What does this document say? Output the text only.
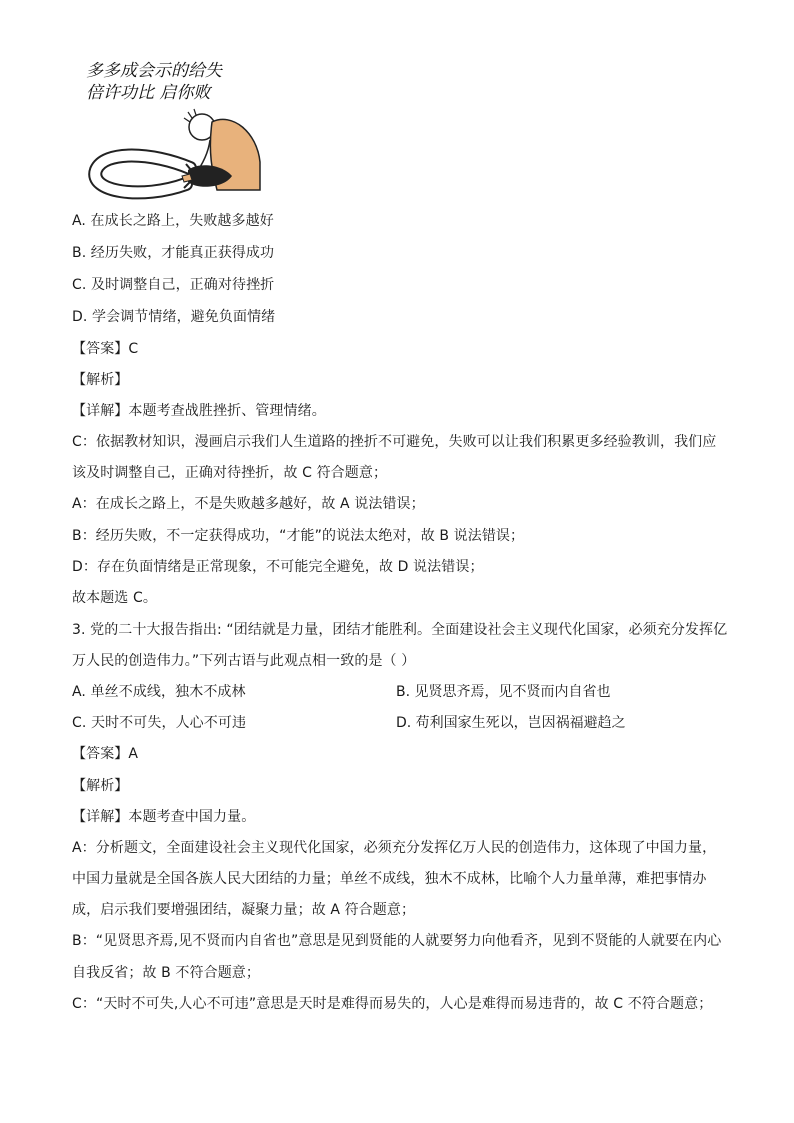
多多成会示的给失
倍许功比 启你败
A. 在成长之路上，失败越多越好
B. 经历失败，才能真正获得成功
C. 及时调整自己，正确对待挫折
D. 学会调节情绪，避免负面情绪
【答案】C
【解析】
【详解】本题考查战胜挫折、管理情绪。
C：依据教材知识，漫画启示我们人生道路的挫折不可避免，失败可以让我们积累更多经验教训，我们应
该及时调整自己，正确对待挫折，故 C 符合题意；
A：在成长之路上，不是失败越多越好，故 A 说法错误；
B：经历失败，不一定获得成功，“才能”的说法太绝对，故 B 说法错误；
D：存在负面情绪是正常现象，不可能完全避免，故 D 说法错误；
故本题选 C。
3. 党的二十大报告指出: “团结就是力量，团结才能胜利。全面建设社会主义现代化国家，必须充分发挥亿
万人民的创造伟力。”下列古语与此观点相一致的是（ ）
A. 单丝不成线，独木不成林	B. 见贤思齐焉，见不贤而内自省也
C. 天时不可失，人心不可违	D. 苟利国家生死以，岂因祸福避趋之
【答案】A
【解析】
【详解】本题考查中国力量。
A：分析题文，全面建设社会主义现代化国家，必须充分发挥亿万人民的创造伟力，这体现了中国力量，
中国力量就是全国各族人民大团结的力量；单丝不成线，独木不成林，比喻个人力量单薄，难把事情办
成，启示我们要增强团结，凝聚力量；故 A 符合题意；
B：“见贤思齐焉,见不贤而内自省也”意思是见到贤能的人就要努力向他看齐，见到不贤能的人就要在内心
自我反省；故 B 不符合题意；
C：“天时不可失,人心不可违”意思是天时是难得而易失的，人心是难得而易违背的，故 C 不符合题意；
